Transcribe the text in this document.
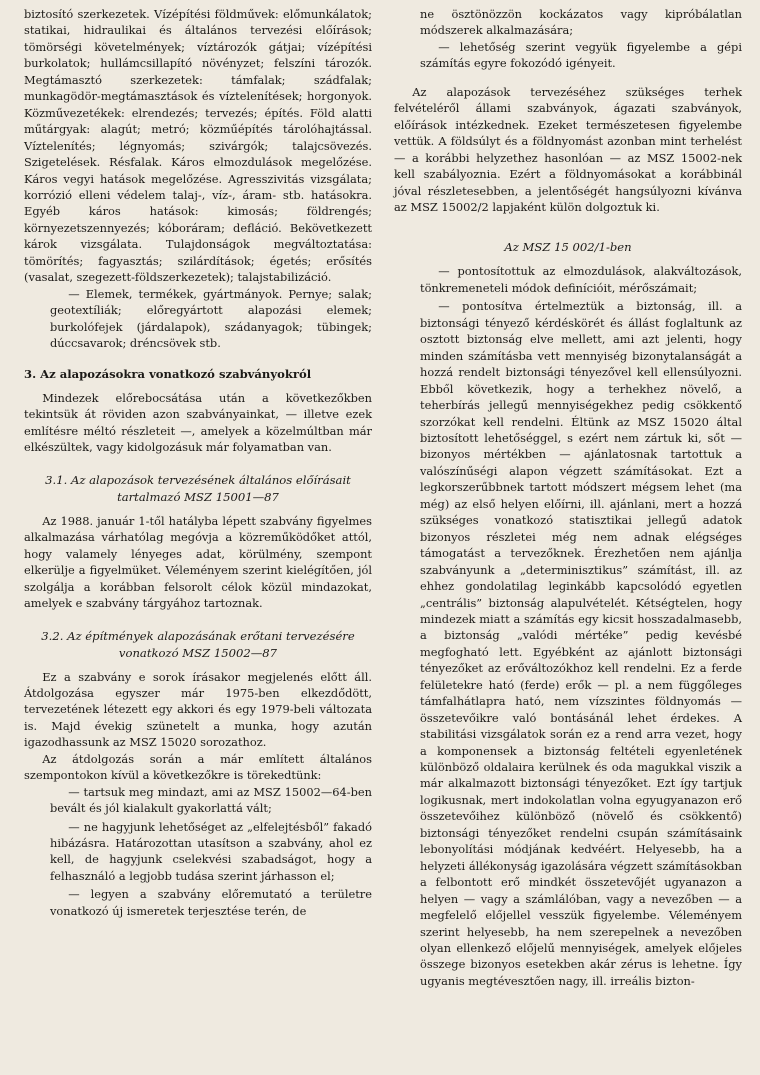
biztosító szerkezetek. Vízépítési földművek: előmunkálatok; statikai, hidraulikai és általános tervezési előírások; tömörségi követelmények; víztározók gátjai; vízépítési burkolatok; hullámcsillapító növényzet; felszíni tározók. Megtámasztó szerkezetek: támfalak; szádfalak; munkagödör-megtámasztások és víztelenítések; horgonyok. Közművezetékek: elrendezés; tervezés; építés. Föld alatti műtárgyak: alagút; metró; közműépítés tárolóhajtással. Víztelenítés; légnyomás; szivárgók; talajcsövezés. Szigetelések. Résfalak. Káros elmozdulások megelőzése. Káros vegyi hatások megelőzése. Agresszivitás vizsgálata; korrózió elleni védelem talaj-, víz-, áram- stb. hatásokra. Egyéb káros hatások: kimosás; földrengés; környezetszennyezés; kóboráram; defláció. Bekövetkezett károk vizsgálata. Tulajdonságok megváltoztatása: tömörítés; fagyasztás; szilárdítások; égetés; erősítés (vasalat, szegezett-földszerkezetek); talajstabilizáció.

— Elemek, termékek, gyártmányok. Pernye; salak; geotextíliák; előregyártott alapozási elemek; burkolófejek (járdalapok), szádanyagok; tübingek; dúccsavarok; dréncsövek stb.

3. Az alapozásokra vonatkozó szabványokról

Mindezek előrebocsátása után a következőkben tekintsük át röviden azon szabványainkat, — illetve ezek említésre méltó részleteit —, amelyek a közelmúltban már elkészültek, vagy kidolgozásuk már folyamatban van.

3.1. Az alapozások tervezésének általános előírásait tartalmazó MSZ 15001—87

Az 1988. január 1-től hatályba lépett szabvány figyelmes alkalmazása várhatólag megóvja a közreműködőket attól, hogy valamely lényeges adat, körülmény, szempont elkerülje a figyelmüket. Véleményem szerint kielégítően, jól szolgálja a korábban felsorolt célok közül mindazokat, amelyek e szabvány tárgyához tartoznak.

3.2. Az építmények alapozásának erőtani tervezésére vonatkozó MSZ 15002—87

Ez a szabvány e sorok írásakor megjelenés előtt áll. Átdolgozása egyszer már 1975-ben elkezdődött, tervezetének létezett egy akkori és egy 1979-beli változata is. Majd évekig szünetelt a munka, hogy azután igazodhassunk az MSZ 15020 sorozathoz.

Az átdolgozás során a már említett általános szempontokon kívül a következőkre is törekedtünk:

— tartsuk meg mindazt, ami az MSZ 15002—64-ben bevált és jól kialakult gyakorlattá vált;

— ne hagyjunk lehetőséget az „elfelejtésből” fakadó hibázásra. Határozottan utasítson a szabvány, ahol ez kell, de hagyjunk cselekvési szabadságot, hogy a felhasználó a legjobb tudása szerint járhasson el;

— legyen a szabvány előremutató a területre vonatkozó új ismeretek terjesztése terén, de

ne ösztönözzön kockázatos vagy kipróbálatlan módszerek alkalmazására;

— lehetőség szerint vegyük figyelembe a gépi számítás egyre fokozódó igényeit.

Az alapozások tervezéséhez szükséges terhek felvételéről állami szabványok, ágazati szabványok, előírások intézkednek. Ezeket természetesen figyelembe vettük. A földsúlyt és a földnyomást azonban mint terhelést — a korábbi helyzethez hasonlóan — az MSZ 15002-nek kell szabályoznia. Ezért a földnyomásokat a korábbinál jóval részletesebben, a jelentőségét hangsúlyozni kívánva az MSZ 15002/2 lapjaként külön dolgoztuk ki.

Az MSZ 15 002/1-ben

— pontosítottuk az elmozdulások, alakváltozások, tönkremeneteli módok definícióit, mérőszámait;

— pontosítva értelmeztük a biztonság, ill. a biztonsági tényező kérdéskörét és állást foglaltunk az osztott biztonság elve mellett, ami azt jelenti, hogy minden számításba vett mennyiség bizonytalanságát a hozzá rendelt biztonsági tényezővel kell ellensúlyozni. Ebből következik, hogy a terhekhez növelő, a teherbírás jellegű mennyiségekhez pedig csökkentő szorzókat kell rendelni. Éltünk az MSZ 15020 által biztosított lehetőséggel, s ezért nem zártuk ki, sőt — bizonyos mértékben — ajánlatosnak tartottuk a valószínűségi alapon végzett számításokat. Ezt a legkorszerűbbnek tartott módszert mégsem lehet (ma még) az első helyen előírni, ill. ajánlani, mert a hozzá szükséges vonatkozó statisztikai jellegű adatok bizonyos részletei még nem adnak elégséges támogatást a tervezőknek. Érezhetően nem ajánlja szabványunk a „determinisztikus” számítást, ill. az ehhez gondolatilag leginkább kapcsolódó egyetlen „centrális” biztonság alapulvételét. Kétségtelen, hogy mindezek miatt a számítás egy kicsit hosszadalmasebb, a biztonság „valódi mértéke” pedig kevésbé megfogható lett. Egyébként az ajánlott biztonsági tényezőket az erőváltozókhoz kell rendelni. Ez a ferde felületekre ható (ferde) erők — pl. a nem függőleges támfalhátlapra ható, nem vízszintes földnyomás — összetevőikre való bontásánál lehet érdekes. A stabilitási vizsgálatok során ez a rend arra vezet, hogy a komponensek a biztonság feltételi egyenletének különböző oldalaira kerülnek és oda magukkal viszik a már alkalmazott biztonsági tényezőket. Ezt így tartjuk logikusnak, mert indokolatlan volna egyugyanazon erő összetevőihez különböző (növelő és csökkentő) biztonsági tényezőket rendelni csupán számításaink lebonyolítási módjának kedvéért. Helyesebb, ha a helyzeti állékonyság igazolására végzett számításokban a felbontott erő mindkét összetevőjét ugyanazon a helyen — vagy a számlálóban, vagy a nevezőben — a megfelelő előjellel vesszük figyelembe. Véleményem szerint helyesebb, ha nem szerepelnek a nevezőben olyan ellenkező előjelű mennyiségek, amelyek előjeles összege bizonyos esetekben akár zérus is lehetne. Így ugyanis megtévesztően nagy, ill. irreális bizton-
